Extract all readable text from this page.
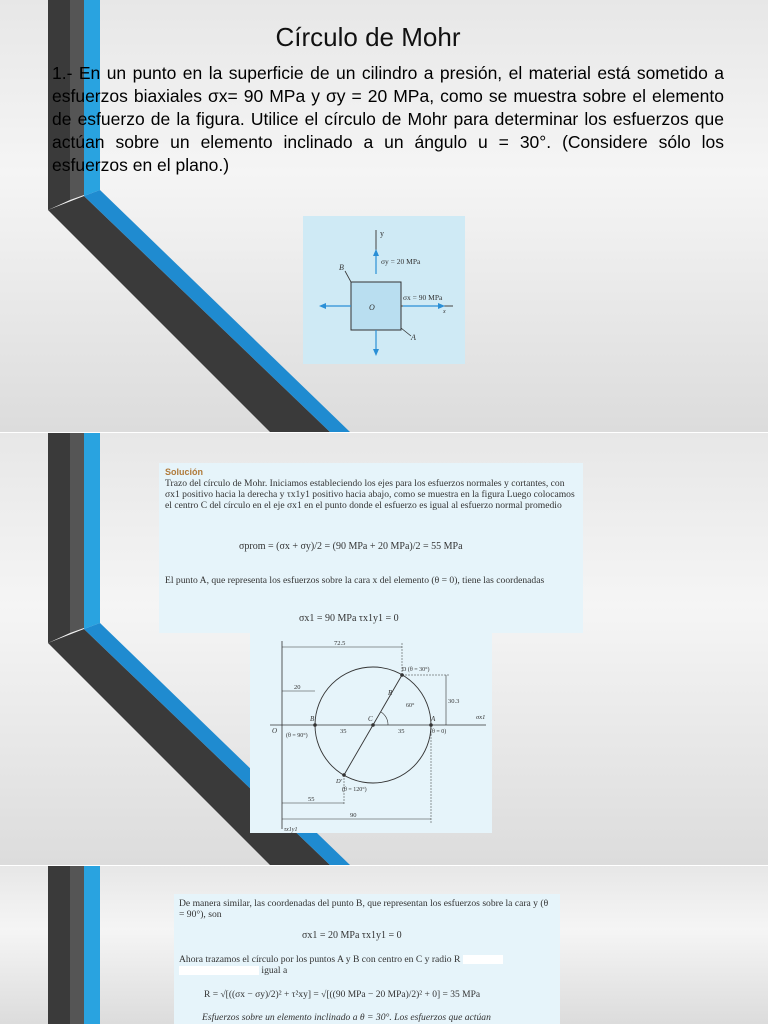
Círculo de Mohr
1.- En un punto en la superficie de un cilindro a presión, el material está sometido a esfuerzos biaxiales σx= 90 MPa y σy = 20 MPa, como se muestra sobre el elemento de esfuerzo de la figura. Utilice el círculo de Mohr para determinar los esfuerzos que actúan sobre un elemento inclinado a un ángulo u = 30°. (Considere sólo los esfuerzos en el plano.)
y
σy = 20 MPa
O
σx = 90 MPa
x
A
B

Solución
Trazo del círculo de Mohr. Iniciamos estableciendo los ejes para los esfuerzos normales y cortantes, con σx1 positivo hacia la derecha y τx1y1 positivo hacia abajo, como se muestra en la figura Luego colocamos el centro C del círculo en el eje σx1 en el punto donde el esfuerzo es igual al esfuerzo normal promedio

σprom = (σx + σy)/2 = (90 MPa + 20 MPa)/2 = 55 MPa

El punto A, que representa los esfuerzos sobre la cara x del elemento (θ = 0), tiene las coordenadas

σx1 = 90 MPa τx1y1 = 0
σx1
τx1y1
O
C
B
(θ = 90°)
A
(θ = 0)
D (θ = 30°)
D′
(θ = 120°)
R
60°
72.5
20
30.3
35	35
55
90

De manera similar, las coordenadas del punto B, que representan los esfuerzos sobre la cara y (θ = 90°), son

σx1 = 20 MPa τx1y1 = 0

Ahora trazamos el círculo por los puntos A y B con centro en C y radio R
igual a

R = √[((σx − σy)/2)² + τ²xy] = √[((90 MPa − 20 MPa)/2)² + 0] = 35 MPa

Esfuerzos sobre un elemento inclinado a θ = 30°. Los esfuerzos que actúan
